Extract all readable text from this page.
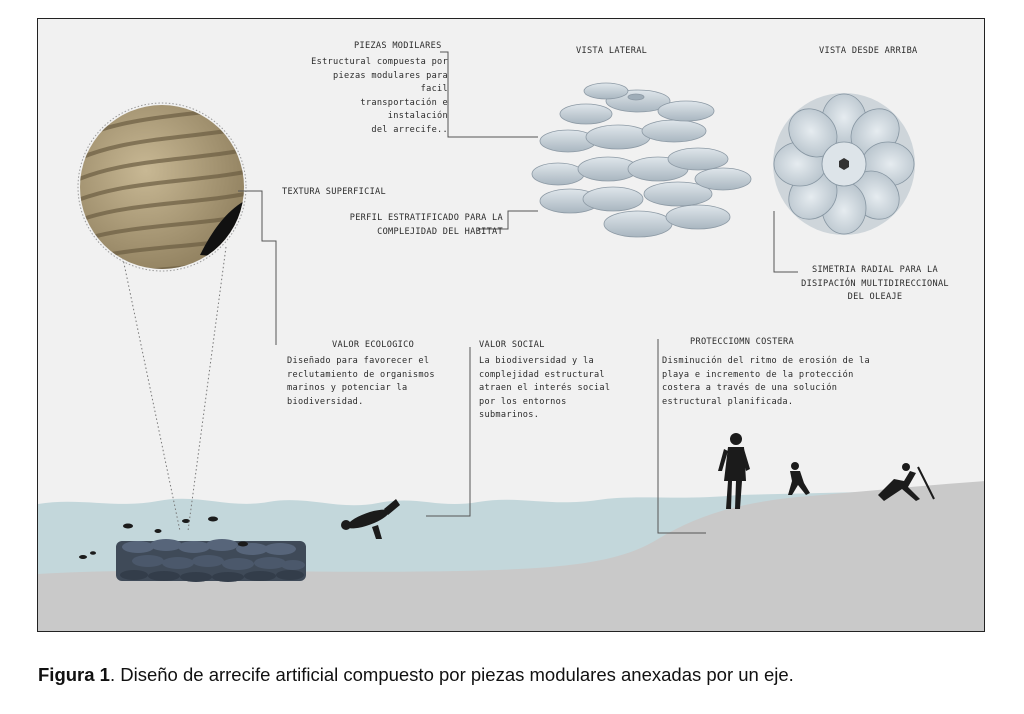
PIEZAS MODILARES
Estructural compuesta por
piezas modulares para facil
transportación e instalación
del arrecife..
VISTA LATERAL	VISTA DESDE ARRIBA
TEXTURA SUPERFICIAL
PERFIL ESTRATIFICADO PARA LA
COMPLEJIDAD DEL HABITAT
SIMETRIA RADIAL PARA LA
DISIPACIÓN MULTIDIRECCIONAL
DEL OLEAJE
VALOR ECOLOGICO
Diseñado para favorecer el
reclutamiento de organismos
marinos y potenciar la
biodiversidad.
VALOR SOCIAL
La biodiversidad y la
complejidad estructural
atraen el interés social
por los entornos
submarinos.
PROTECCIOMN COSTERA
Disminución del ritmo de erosión de la
playa e incremento de la protección
costera a través de una solución
estructural planificada.
Figura 1. Diseño de arrecife artificial compuesto por piezas modulares anexadas por un eje.
